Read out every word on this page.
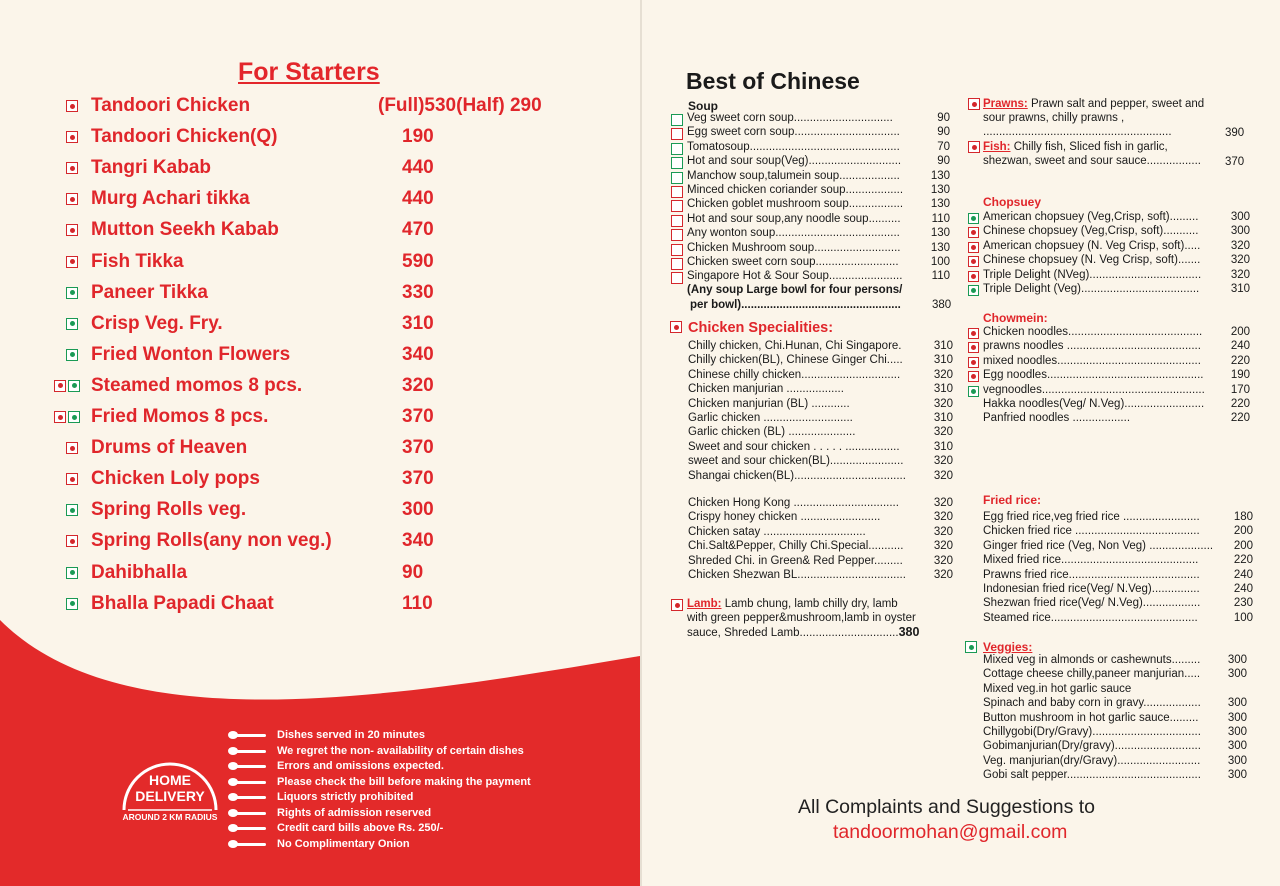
For Starters
Tandoori Chicken	(Full)530(Half) 290
Tandoori Chicken(Q)	190
Tangri Kabab	440
Murg Achari tikka	440
Mutton Seekh Kabab	470
Fish Tikka	590
Paneer Tikka	330
Crisp Veg. Fry.	310
Fried Wonton Flowers	340
Steamed momos 8 pcs.	320
Fried Momos 8 pcs.	370
Drums of Heaven	370
Chicken Loly pops	370
Spring Rolls veg.	300
Spring Rolls(any non veg.)	340
Dahibhalla	90
Bhalla Papadi Chaat	110
HOME DELIVERY
AROUND 2 KM RADIUS
Dishes served in 20 minutes
We regret the non- availability of certain dishes
Errors and omissions expected.
Please check the bill before making the payment
Liquors strictly prohibited
Rights of admission reserved
Credit card bills above Rs. 250/-
No Complimentary Onion
Best of Chinese
Soup
Veg sweet corn soup...............................	90
Egg sweet corn soup.................................	90
Tomatosoup...............................................	70
Hot and sour soup(Veg).............................	90
Manchow soup,talumein soup...................	130
Minced chicken coriander soup..................	130
Chicken goblet mushroom soup.................	130
Hot and sour soup,any noodle soup..........	110
Any wonton soup.......................................	130
Chicken Mushroom soup...........................	130
Chicken sweet corn soup..........................	100
Singapore Hot & Sour Soup.......................	110
(Any soup Large bowl for four persons/
per bowl)..................................................	380
Chicken Specialities:
Chilly chicken, Chi.Hunan, Chi Singapore.	310
Chilly chicken(BL), Chinese Ginger Chi.....	310
Chinese chilly chicken...............................	320
Chicken manjurian ..................	310
Chicken manjurian (BL) ............	320
Garlic chicken ............................	310
Garlic chicken (BL) .....................	320
Sweet and sour chicken . . . . . .................	310
sweet and sour chicken(BL).......................	320
Shangai chicken(BL)...................................	320
Chicken Hong Kong .................................	320
Crispy honey chicken .........................	320
Chicken satay ................................	320
Chi.Salt&Pepper, Chilly Chi.Special...........	320
Shreded Chi. in Green& Red Pepper.........	320
Chicken Shezwan BL..................................	320
Lamb: Lamb chung, lamb chilly dry, lamb
with green pepper&mushroom,lamb in oyster
sauce, Shreded Lamb...............................380
Prawns: Prawn salt and pepper, sweet and
sour prawns, chilly prawns ,
...........................................................	390
Fish: Chilly fish, Sliced fish in garlic,
shezwan, sweet and sour sauce.................	370
Chopsuey
American chopsuey (Veg,Crisp, soft).........	300
Chinese chopsuey (Veg,Crisp, soft)...........	300
American chopsuey (N. Veg Crisp, soft).....	320
Chinese chopsuey (N. Veg Crisp, soft).......	320
Triple Delight (NVeg)...................................	320
Triple Delight (Veg).....................................	310
Chowmein:
Chicken noodles..........................................	200
prawns noodles ..........................................	240
mixed noodles.............................................	220
Egg noodles.................................................	190
vegnoodles...................................................	170
Hakka noodles(Veg/ N.Veg).........................	220
Panfried noodles ..................	220
Fried rice:
Egg fried rice,veg fried rice ........................	180
Chicken fried rice .......................................	200
Ginger fried rice (Veg, Non Veg) ....................	200
Mixed fried rice...........................................	220
Prawns fried rice.........................................	240
Indonesian fried rice(Veg/ N.Veg)...............	240
Shezwan fried rice(Veg/ N.Veg)..................	230
Steamed rice..............................................	100
Veggies:
Mixed veg in almonds or cashewnuts.........	300
Cottage cheese chilly,paneer manjurian.....	300
Mixed veg.in hot garlic sauce
Spinach and baby corn in gravy..................	300
Button mushroom in hot garlic sauce.........	300
Chillygobi(Dry/Gravy)..................................	300
Gobimanjurian(Dry/gravy)...........................	300
Veg. manjurian(dry/Gravy)..........................	300
Gobi salt pepper..........................................	300
All Complaints and Suggestions to
tandoormohan@gmail.com
